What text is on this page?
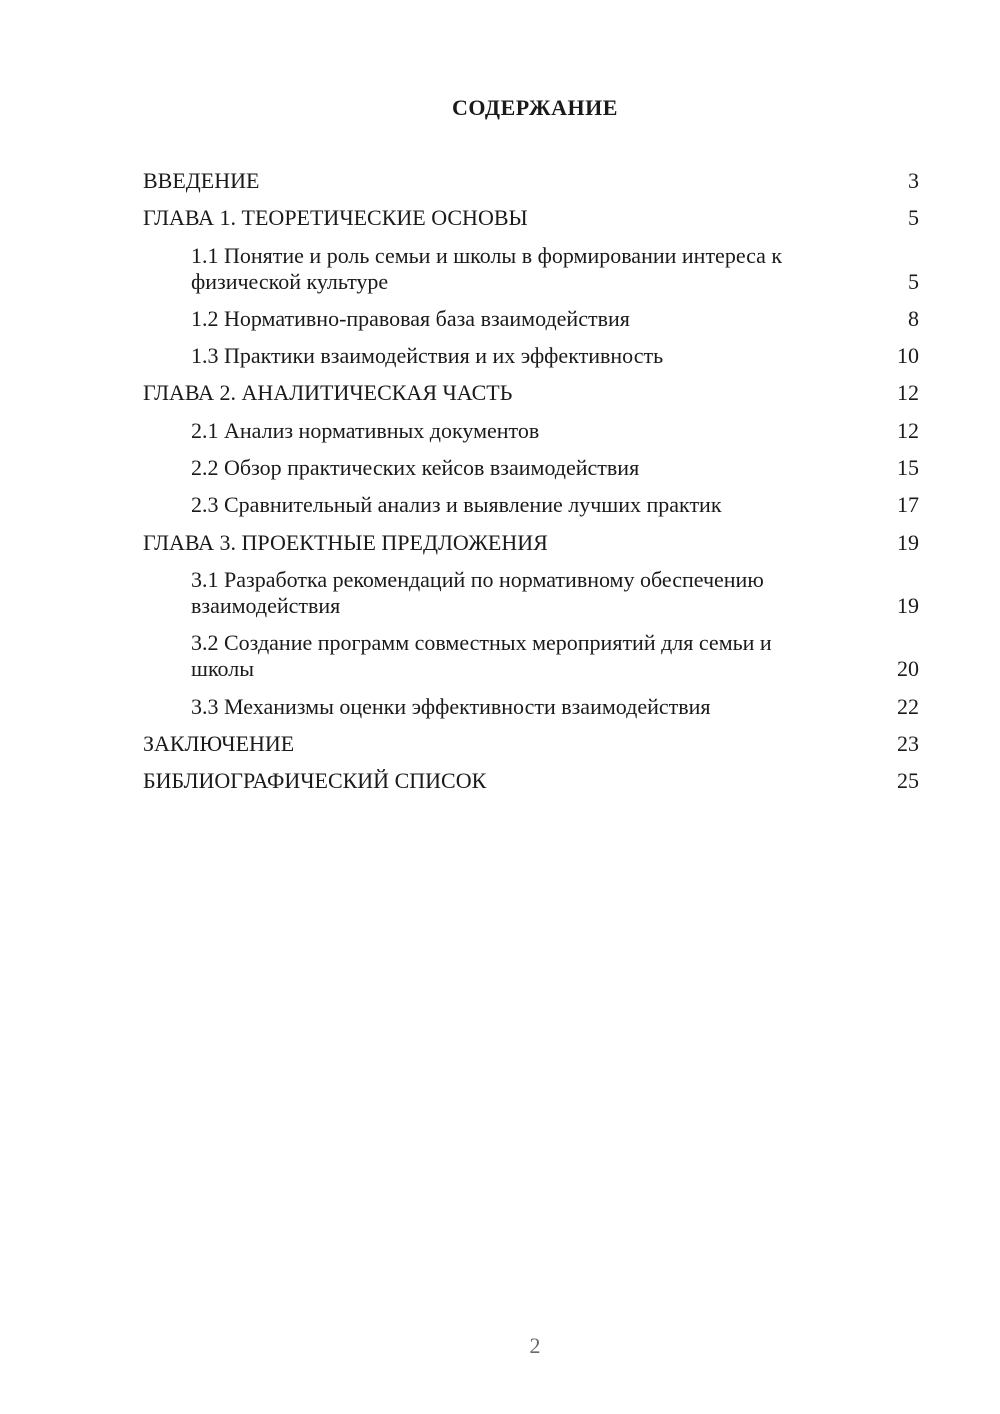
СОДЕРЖАНИЕ
ВВЕДЕНИЕ	3
ГЛАВА 1. ТЕОРЕТИЧЕСКИЕ ОСНОВЫ	5
1.1 Понятие и роль семьи и школы в формировании интереса к физической культуре	5
1.2 Нормативно-правовая база взаимодействия	8
1.3 Практики взаимодействия и их эффективность	10
ГЛАВА 2. АНАЛИТИЧЕСКАЯ ЧАСТЬ	12
2.1 Анализ нормативных документов	12
2.2 Обзор практических кейсов взаимодействия	15
2.3 Сравнительный анализ и выявление лучших практик	17
ГЛАВА 3. ПРОЕКТНЫЕ ПРЕДЛОЖЕНИЯ	19
3.1 Разработка рекомендаций по нормативному обеспечению взаимодействия	19
3.2 Создание программ совместных мероприятий для семьи и школы	20
3.3 Механизмы оценки эффективности взаимодействия	22
ЗАКЛЮЧЕНИЕ	23
БИБЛИОГРАФИЧЕСКИЙ СПИСОК	25
2
